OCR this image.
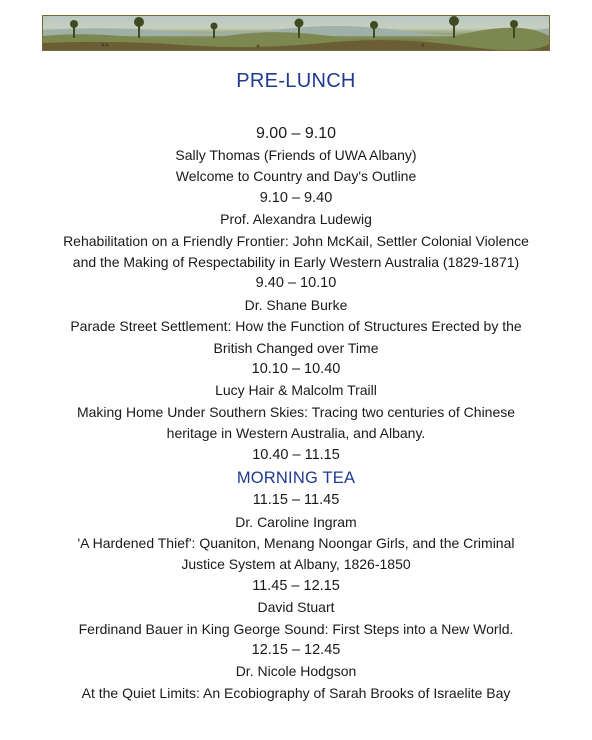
PRE-LUNCH
9.00 – 9.10
Sally Thomas (Friends of UWA Albany)
Welcome to Country and Day's Outline
9.10 – 9.40
Prof. Alexandra Ludewig
Rehabilitation on a Friendly Frontier: John McKail, Settler Colonial Violence
and the Making of Respectability in Early Western Australia (1829-1871)
9.40 – 10.10
Dr. Shane Burke
Parade Street Settlement: How the Function of Structures Erected by the
British Changed over Time
10.10 – 10.40
Lucy Hair & Malcolm Traill
Making Home Under Southern Skies: Tracing two centuries of Chinese
heritage in Western Australia, and Albany.
10.40 – 11.15
MORNING TEA
11.15 – 11.45
Dr. Caroline Ingram
'A Hardened Thief': Quaniton, Menang Noongar Girls, and the Criminal
Justice System at Albany, 1826-1850
11.45 – 12.15
David Stuart
Ferdinand Bauer in King George Sound: First Steps into a New World.
12.15 – 12.45
Dr. Nicole Hodgson
At the Quiet Limits: An Ecobiography of Sarah Brooks of Israelite Bay
